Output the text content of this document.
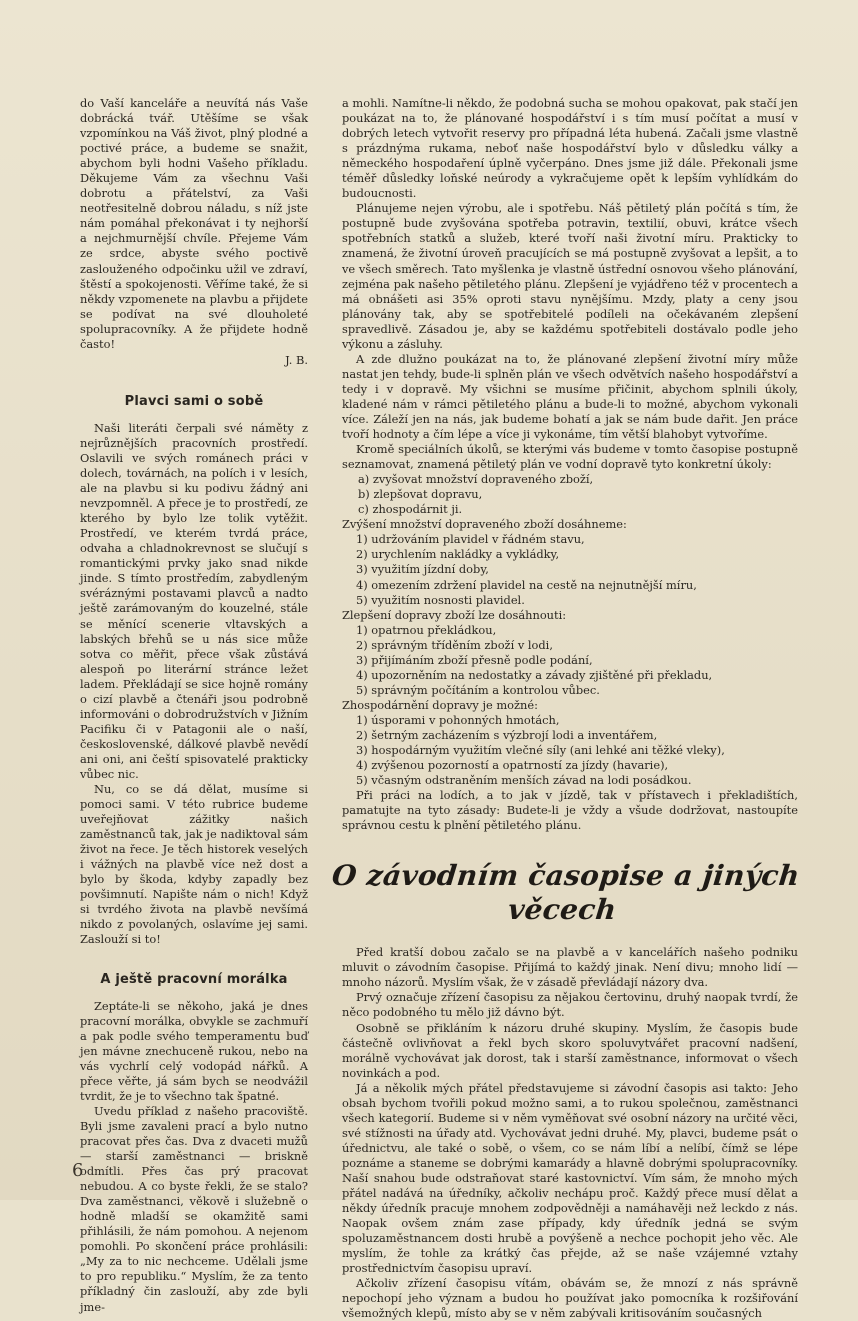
do Vaší kanceláře a neuvítá nás Vaše dobrácká tvář. Utěšíme se však vzpomínkou na Váš život, plný plodné a poctivé práce, a budeme se snažit, abychom byli hodni Vašeho příkladu. Děkujeme Vám za všechnu Vaši dobrotu a přátelství, za Vaši neotřesitelně dobrou náladu, s níž jste nám pomáhal překonávat i ty nejhorší a nejchmurnější chvíle. Přejeme Vám ze srdce, abyste svého poctivě zaslouženého odpočinku užil ve zdraví, štěstí a spokojenosti. Věříme také, že si někdy vzpomenete na plavbu a přijdete se podívat na své dlouholeté spolupracovníky. A že přijdete hodně často!

J. B.

Plavci sami o sobě

Naši literáti čerpali své náměty z nejrůznějších pracovních prostředí. Oslavili ve svých románech práci v dolech, továrnách, na polích i v lesích, ale na plavbu si ku podivu žádný ani nevzpomněl. A přece je to prostředí, ze kterého by bylo lze tolik vytěžit. Prostředí, ve kterém tvrdá práce, odvaha a chladnokrevnost se slučují s romantickými prvky jako snad nikde jinde. S tímto prostředím, zabydleným svéráznými postavami plavců a nadto ještě zarámovaným do kouzelné, stále se měnící scenerie vltavských a labských břehů se u nás sice může sotva co měřit, přece však zůstává alespoň po literární stránce ležet ladem. Překládají se sice hojně romány o cizí plavbě a čtenáři jsou podrobně informováni o dobrodružstvích v Jižním Pacifiku či v Patagonii ale o naší, československé, dálkové plavbě nevědí ani oni, ani čeští spisovatelé prakticky vůbec nic.

Nu, co se dá dělat, musíme si pomoci sami. V této rubrice budeme uveřejňovat zážitky našich zaměstnanců tak, jak je nadiktoval sám život na řece. Je těch historek veselých i vážných na plavbě více než dost a bylo by škoda, kdyby zapadly bez povšimnutí. Napište nám o nich! Když si tvrdého života na plavbě nevšímá nikdo z povolaných, oslavíme jej sami. Zaslouží si to!

A ještě pracovní morálka

Zeptáte-li se někoho, jaká je dnes pracovní morálka, obvykle se zachmuří a pak podle svého temperamentu buď jen mávne znechuceně rukou, nebo na vás vychrlí celý vodopád nářků. A přece věřte, já sám bych se neodvážil tvrdit, že je to všechno tak špatné.

Uvedu příklad z našeho pracoviště. Byli jsme zavaleni prací a bylo nutno pracovat přes čas. Dva z dvaceti mužů — starší zaměstnanci — briskně odmítli. Přes čas prý pracovat nebudou. A co byste řekli, že se stalo? Dva zaměstnanci, věkově i služebně o hodně mladší se okamžitě sami přihlásili, že nám pomohou. A nejenom pomohli. Po skončení práce prohlásili: „My za to nic nechceme. Udělali jsme to pro republiku.“ Myslím, že za tento příkladný čin zaslouží, aby zde byli jme-

a mohli. Namítne-li někdo, že podobná sucha se mohou opakovat, pak stačí jen poukázat na to, že plánované hospodářství i s tím musí počítat a musí v dobrých letech vytvořit reservy pro případná léta hubená. Začali jsme vlastně s prázdnýma rukama, neboť naše hospodářství bylo v důsledku války a německého hospodaření úplně vyčerpáno. Dnes jsme již dále. Překonali jsme téměř důsledky loňské neúrody a vykračujeme opět k lepším vyhlídkám do budoucnosti.

Plánujeme nejen výrobu, ale i spotřebu. Náš pětiletý plán počítá s tím, že postupně bude zvyšována spotřeba potravin, textilií, obuvi, krátce všech spotřebních statků a služeb, které tvoří naši životní míru. Prakticky to znamená, že životní úroveň pracujících se má postupně zvyšovat a lepšit, a to ve všech směrech. Tato myšlenka je vlastně ústřední osnovou všeho plánování, zejména pak našeho pětiletého plánu. Zlepšení je vyjádřeno též v procentech a má obnášeti asi 35% oproti stavu nynějšímu. Mzdy, platy a ceny jsou plánovány tak, aby se spotřebitelé podíleli na očekávaném zlepšení spravedlivě. Zásadou je, aby se každému spotřebiteli dostávalo podle jeho výkonu a zásluhy.

A zde dlužno poukázat na to, že plánované zlepšení životní míry může nastat jen tehdy, bude-li splněn plán ve všech odvětvích našeho hospodářství a tedy i v dopravě. My všichni se musíme přičinit, abychom splnili úkoly, kladené nám v rámci pětiletého plánu a bude-li to možné, abychom vykonali více. Záleží jen na nás, jak budeme bohatí a jak se nám bude dařit. Jen práce tvoří hodnoty a čím lépe a více ji vykonáme, tím větší blahobyt vytvoříme.

Kromě speciálních úkolů, se kterými vás budeme v tomto časopise postupně seznamovat, znamená pětiletý plán ve vodní dopravě tyto konkretní úkoly:

a) zvyšovat množství dopraveného zboží,
b) zlepšovat dopravu,
c) zhospodárnit ji.

Zvýšení množství dopraveného zboží dosáhneme:

1) udržováním plavidel v řádném stavu,
2) urychlením nakládky a vykládky,
3) využitím jízdní doby,
4) omezením zdržení plavidel na cestě na nejnutnější míru,
5) využitím nosnosti plavidel.

Zlepšení dopravy zboží lze dosáhnouti:

1) opatrnou překládkou,
2) správným tříděním zboží v lodi,
3) přijímáním zboží přesně podle podání,
4) upozorněním na nedostatky a závady zjištěné při překladu,
5) správným počítáním a kontrolou vůbec.

Zhospodárnění dopravy je možné:

1) úsporami v pohonných hmotách,
2) šetrným zacházením s výzbrojí lodi a inventářem,
3) hospodárným využitím vlečné síly (ani lehké ani těžké vleky),
4) zvýšenou pozorností a opatrností za jízdy (havarie),
5) včasným odstraněním menších závad na lodi posádkou.

Při práci na lodích, a to jak v jízdě, tak v přístavech i překladištích, pamatujte na tyto zásady: Budete-li je vždy a všude dodržovat, nastoupíte správnou cestu k plnění pětiletého plánu.

O závodním časopise a jiných věcech

Před kratší dobou začalo se na plavbě a v kancelářích našeho podniku mluvit o závodním časopise. Přijímá to každý jinak. Není divu; mnoho lidí — mnoho názorů. Myslím však, že v zásadě převládají názory dva.

Prvý označuje zřízení časopisu za nějakou čertovinu, druhý naopak tvrdí, že něco podobného tu mělo již dávno být.

Osobně se přikláním k názoru druhé skupiny. Myslím, že časopis bude částečně ovlivňovat a řekl bych skoro spoluvytvářet pracovní nadšení, morálně vychovávat jak dorost, tak i starší zaměstnance, informovat o všech novinkách a pod.

Já a několik mých přátel představujeme si závodní časopis asi takto: Jeho obsah bychom tvořili pokud možno sami, a to rukou společnou, zaměstnanci všech kategorií. Budeme si v něm vyměňovat své osobní názory na určité věci, své stížnosti na úřady atd. Vychovávat jedni druhé. My, plavci, budeme psát o úřednictvu, ale také o sobě, o všem, co se nám líbí a nelíbí, čímž se lépe poznáme a staneme se dobrými kamarády a hlavně dobrými spolupracovníky. Naší snahou bude odstraňovat staré kastovnictví. Vím sám, že mnoho mých přátel nadává na úředníky, ačkoliv nechápu proč. Každý přece musí dělat a někdy úředník pracuje mnohem zodpovědněji a namáhavěji než leckdo z nás. Naopak ovšem znám zase případy, kdy úředník jedná se svým spoluzaměstnancem dosti hrubě a povýšeně a nechce pochopit jeho věc. Ale myslím, že tohle za krátký čas přejde, až se naše vzájemné vztahy prostřednictvím časopisu upraví.

Ačkoliv zřízení časopisu vítám, obávám se, že mnozí z nás správně nepochopí jeho význam a budou ho používat jako pomocníka k rozšiřování všemožných klepů, místo aby se v něm zabývali kritisováním současných

6
